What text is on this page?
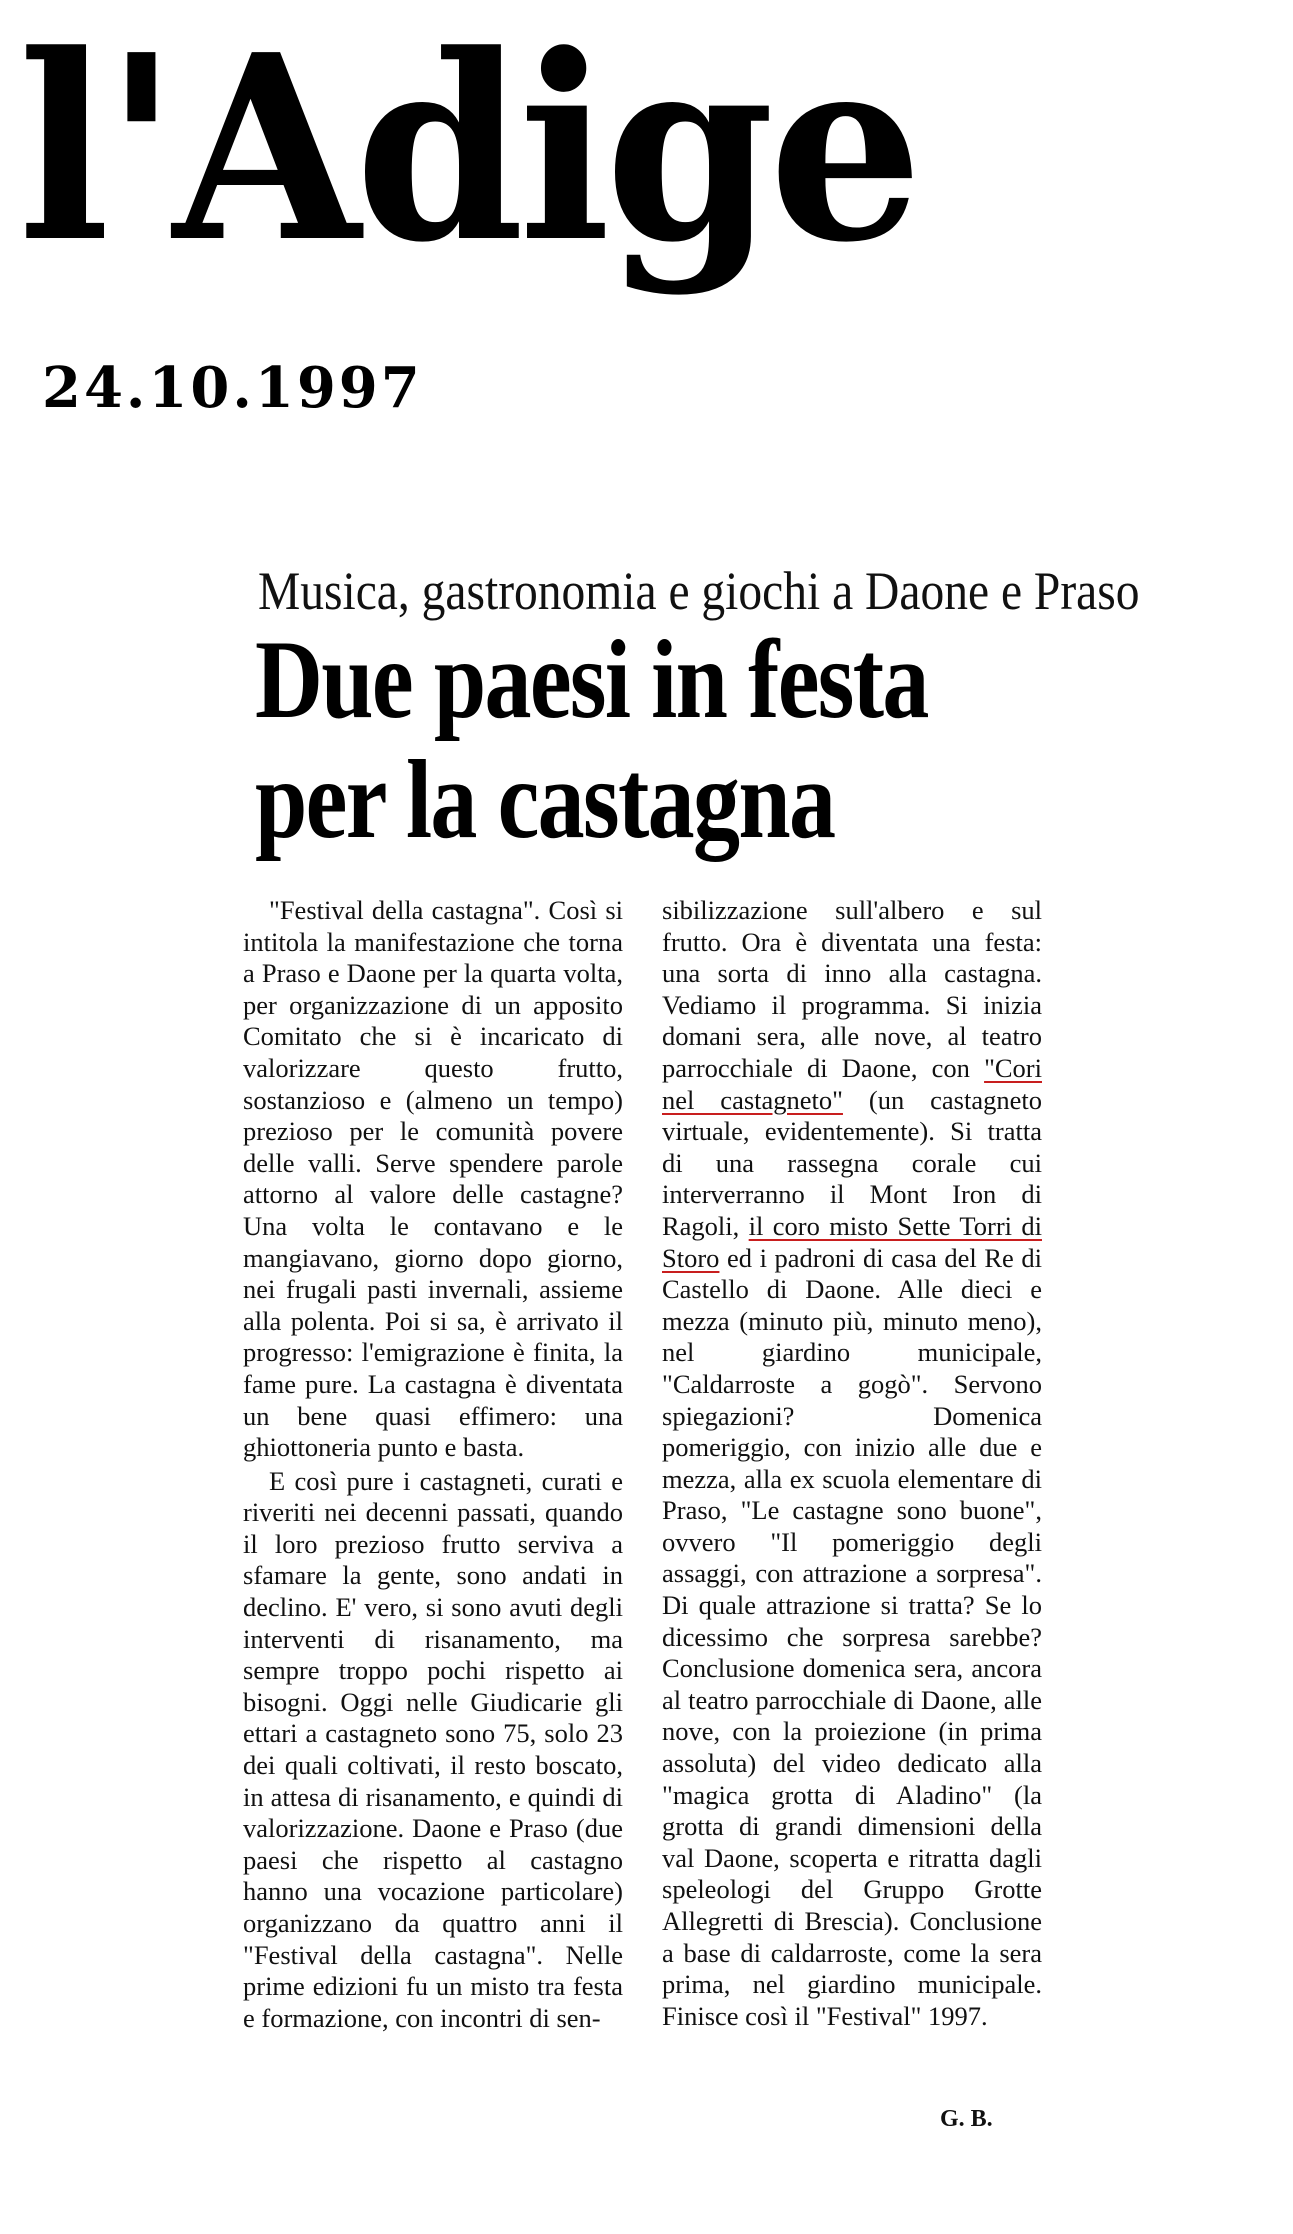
l'Adige
24.10.1997
Musica, gastronomia e giochi a Daone e Praso
Due paesi in festa
per la castagna

"Festival della castagna". Così si intitola la manifestazione che torna a Praso e Daone per la quarta volta, per organizzazione di un apposito Comitato che si è incaricato di valorizzare questo frutto, sostanzioso e (almeno un tempo) prezioso per le comunità povere delle valli. Serve spendere parole attorno al valore delle castagne? Una volta le contavano e le mangiavano, giorno dopo giorno, nei frugali pasti invernali, assieme alla polenta. Poi si sa, è arrivato il progresso: l'emigrazione è finita, la fame pure. La castagna è diventata un bene quasi effimero: una ghiottoneria punto e basta.

E così pure i castagneti, curati e riveriti nei decenni passati, quando il loro prezioso frutto serviva a sfamare la gente, sono andati in declino. E' vero, si sono avuti degli interventi di risanamento, ma sempre troppo pochi rispetto ai bisogni. Oggi nelle Giudicarie gli ettari a castagneto sono 75, solo 23 dei quali coltivati, il resto boscato, in attesa di risanamento, e quindi di valorizzazione. Daone e Praso (due paesi che rispetto al castagno hanno una vocazione particolare) organizzano da quattro anni il "Festival della castagna". Nelle prime edizioni fu un misto tra festa e formazione, con incontri di sen-

sibilizzazione sull'albero e sul frutto. Ora è diventata una festa: una sorta di inno alla castagna. Vediamo il programma. Si inizia domani sera, alle nove, al teatro parrocchiale di Daone, con "Cori nel castagneto" (un castagneto virtuale, evidentemente). Si tratta di una rassegna corale cui interverranno il Mont Iron di Ragoli, il coro misto Sette Torri di Storo ed i padroni di casa del Re di Castello di Daone. Alle dieci e mezza (minuto più, minuto meno), nel giardino municipale, "Caldarroste a gogò". Servono spiegazioni? Domenica pomeriggio, con inizio alle due e mezza, alla ex scuola elementare di Praso, "Le castagne sono buone", ovvero "Il pomeriggio degli assaggi, con attrazione a sorpresa". Di quale attrazione si tratta? Se lo dicessimo che sorpresa sarebbe? Conclusione domenica sera, ancora al teatro parrocchiale di Daone, alle nove, con la proiezione (in prima assoluta) del video dedicato alla "magica grotta di Aladino" (la grotta di grandi dimensioni della val Daone, scoperta e ritratta dagli speleologi del Gruppo Grotte Allegretti di Brescia). Conclusione a base di caldarroste, come la sera prima, nel giardino municipale. Finisce così il "Festival" 1997.

G. B.
